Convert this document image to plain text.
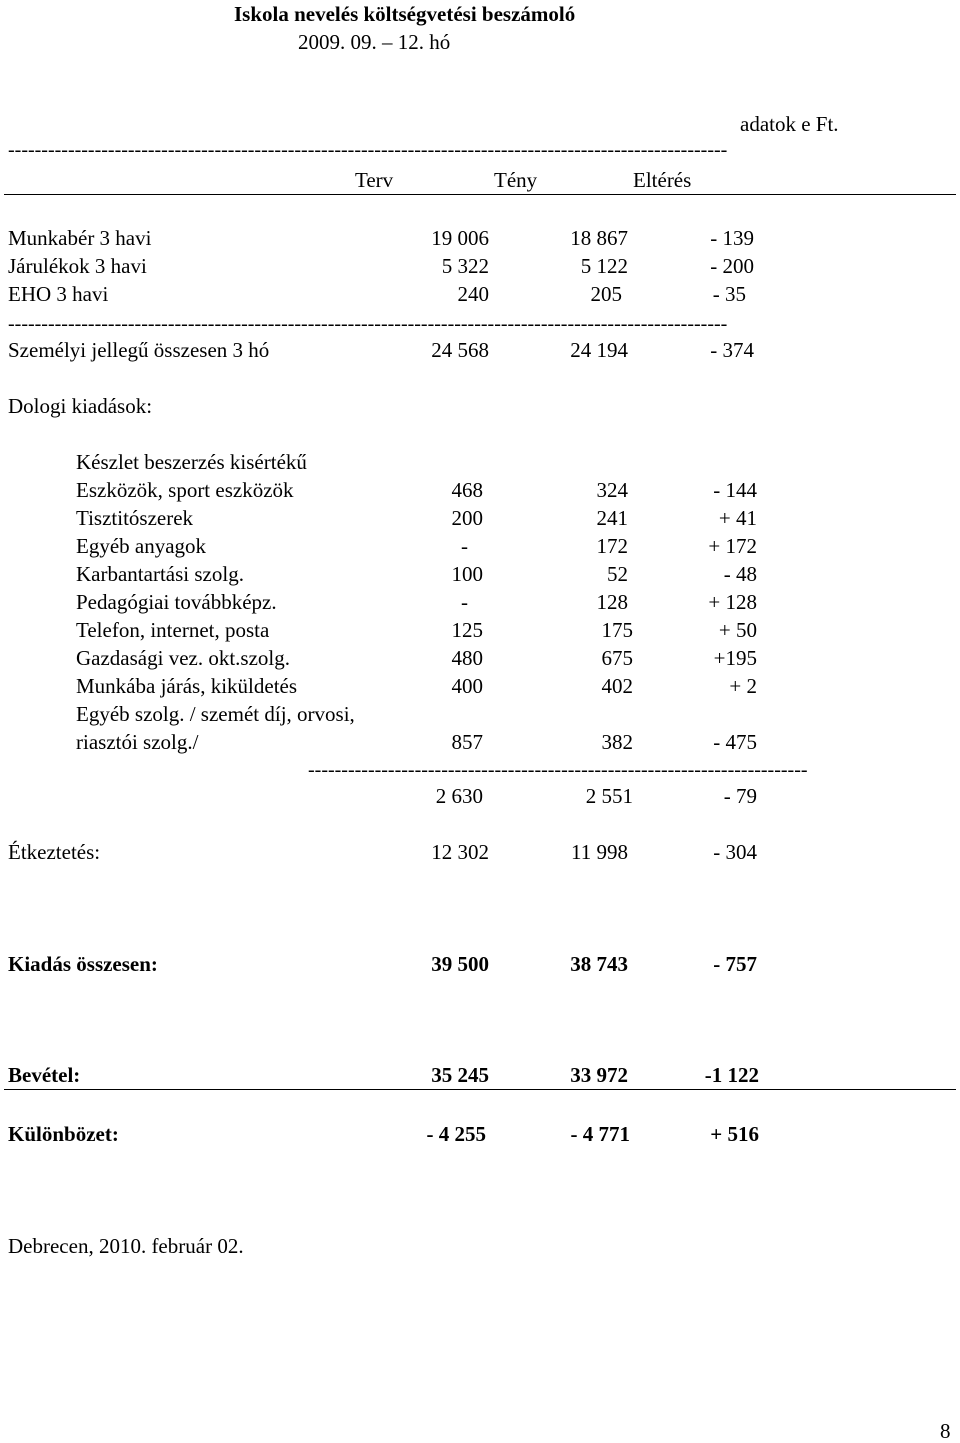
Iskola nevelés költségvetési beszámoló
2009. 09. – 12. hó
adatok e Ft.
------------------------------------------------------------------------------------------------------------
Terv	Tény	Eltérés
Munkabér 3 havi	19 006	18 867	- 139
Járulékok 3 havi	5 322	5 122	- 200
EHO 3 havi	240	205	- 35
------------------------------------------------------------------------------------------------------------
Személyi jellegű összesen 3 hó	24 568	24 194	- 374
Dologi kiadások:
Készlet beszerzés kisértékű
Eszközök, sport eszközök	468	324	- 144
Tisztitószerek	200	241	+ 41
Egyéb anyagok	-	172	+ 172
Karbantartási szolg.	100	52	- 48
Pedagógiai továbbképz.	-	128	+ 128
Telefon, internet, posta	125	175	+ 50
Gazdasági vez. okt.szolg.	480	675	+195
Munkába járás, kiküldetés	400	402	+ 2
Egyéb szolg. / szemét díj, orvosi,
riasztói szolg./	857	382	- 475
---------------------------------------------------------------------------
2 630	2 551	- 79
Étkeztetés:	12 302	11 998	- 304
Kiadás összesen:	39 500	38 743	- 757
Bevétel:	35 245	33 972	-1 122
Különbözet:	- 4 255	- 4 771	+ 516
Debrecen, 2010. február 02.
8
